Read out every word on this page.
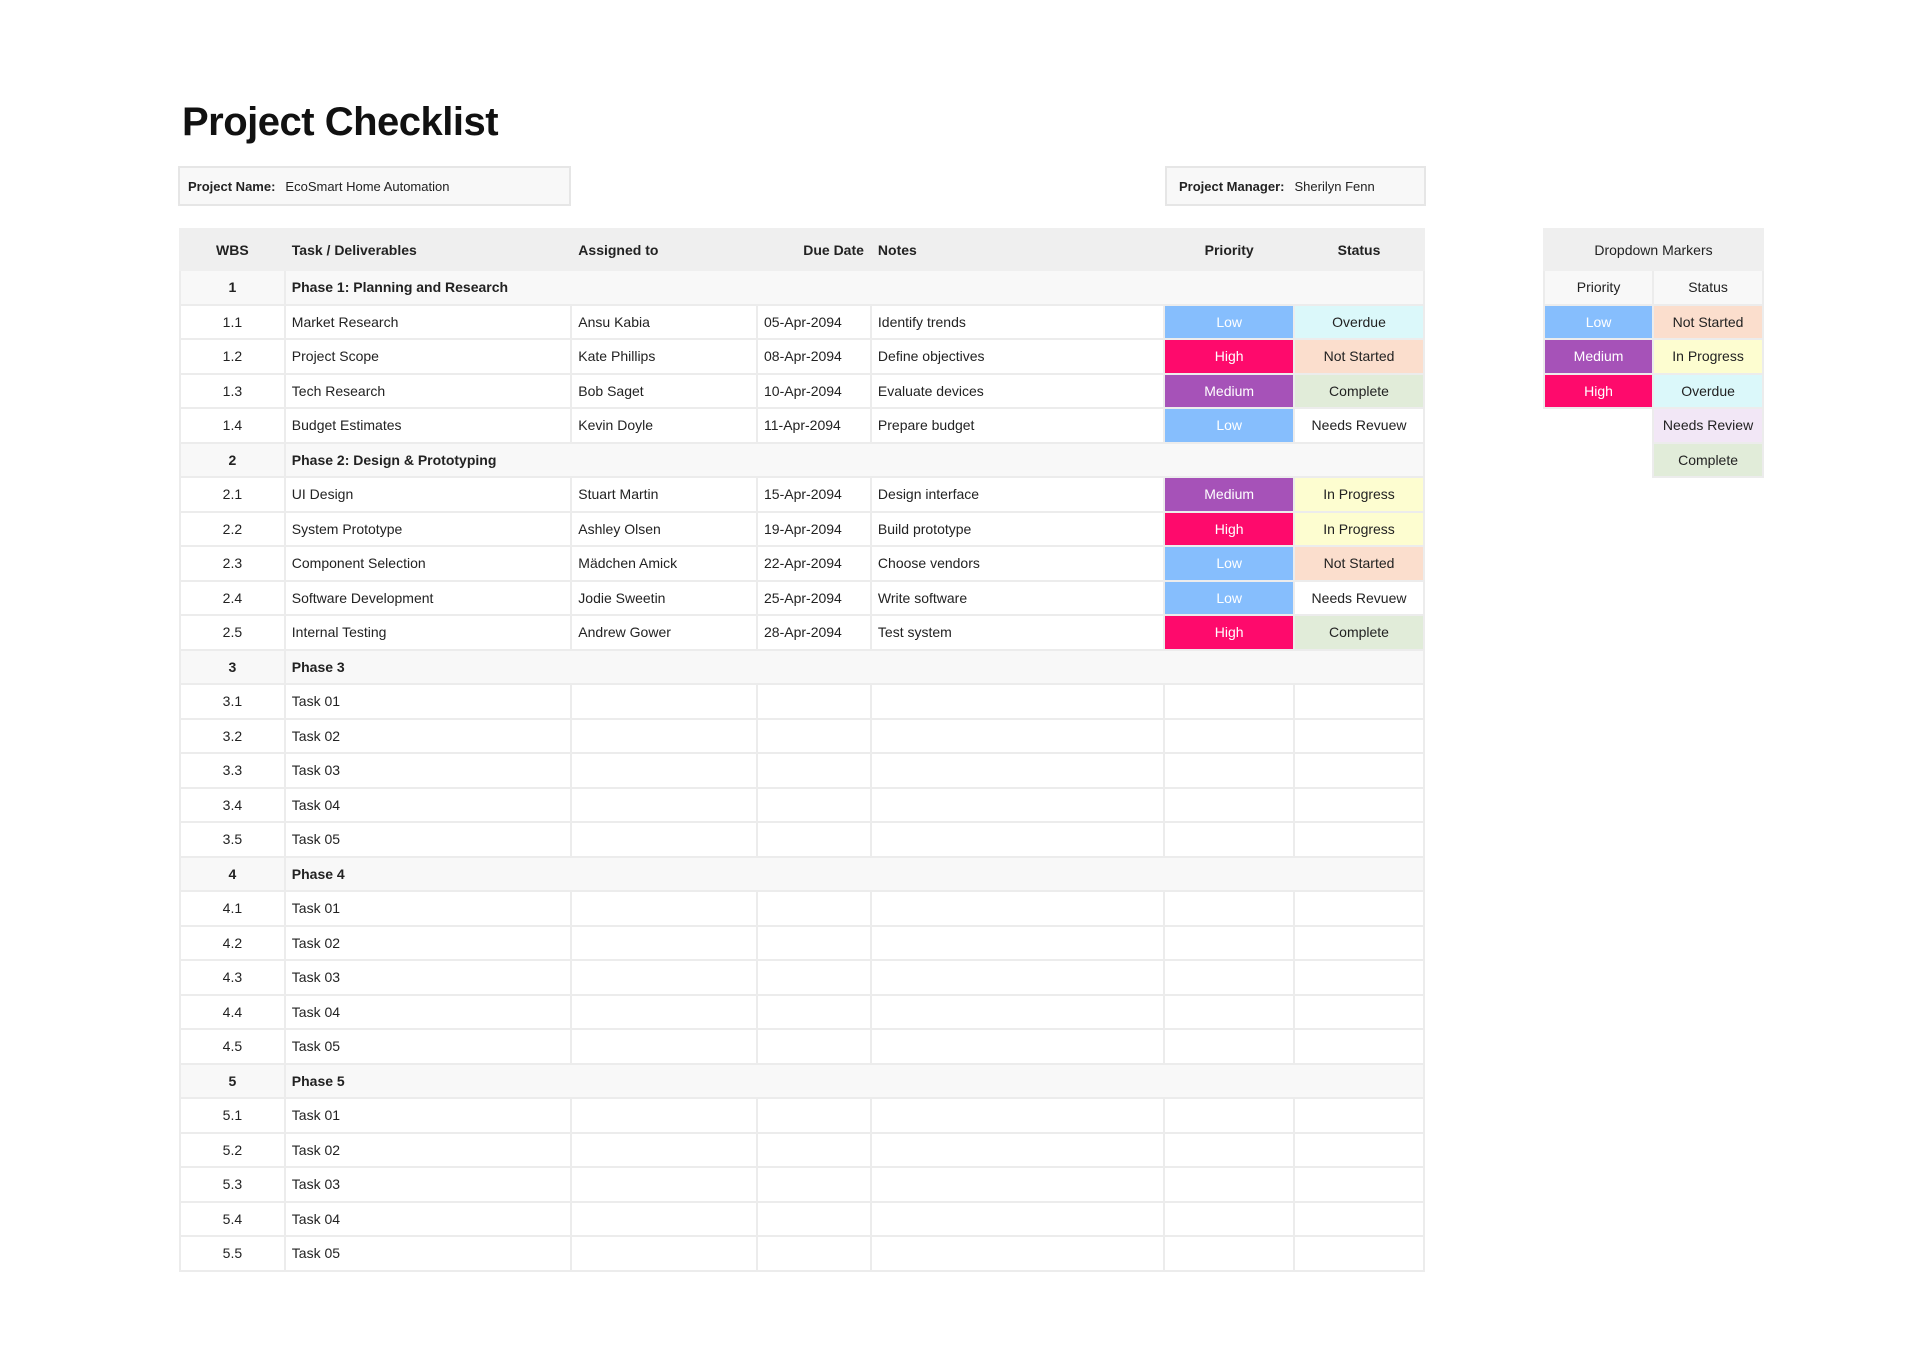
Project Checklist
Project Name: EcoSmart Home Automation	Project Manager: Sherilyn Fenn
WBS	Task / Deliverables	Assigned to	Due Date	Notes	Priority	Status
1	Phase 1: Planning and Research					
1.1	Market Research	Ansu Kabia	05-Apr-2094	Identify trends	Low	Overdue
1.2	Project Scope	Kate Phillips	08-Apr-2094	Define objectives	High	Not Started
1.3	Tech Research	Bob Saget	10-Apr-2094	Evaluate devices	Medium	Complete
1.4	Budget Estimates	Kevin Doyle	11-Apr-2094	Prepare budget	Low	Needs Revuew
2	Phase 2: Design & Prototyping					
2.1	UI Design	Stuart Martin	15-Apr-2094	Design interface	Medium	In Progress
2.2	System Prototype	Ashley Olsen	19-Apr-2094	Build prototype	High	In Progress
2.3	Component Selection	Mädchen Amick	22-Apr-2094	Choose vendors	Low	Not Started
2.4	Software Development	Jodie Sweetin	25-Apr-2094	Write software	Low	Needs Revuew
2.5	Internal Testing	Andrew Gower	28-Apr-2094	Test system	High	Complete
3	Phase 3					
3.1	Task 01					
3.2	Task 02					
3.3	Task 03					
3.4	Task 04					
3.5	Task 05					
4	Phase 4					
4.1	Task 01					
4.2	Task 02					
4.3	Task 03					
4.4	Task 04					
4.5	Task 05					
5	Phase 5					
5.1	Task 01					
5.2	Task 02					
5.3	Task 03					
5.4	Task 04					
5.5	Task 05					
Dropdown Markers	
Priority	Status
Low	Not Started
Medium	In Progress
High	Overdue
	Needs Review
	Complete
